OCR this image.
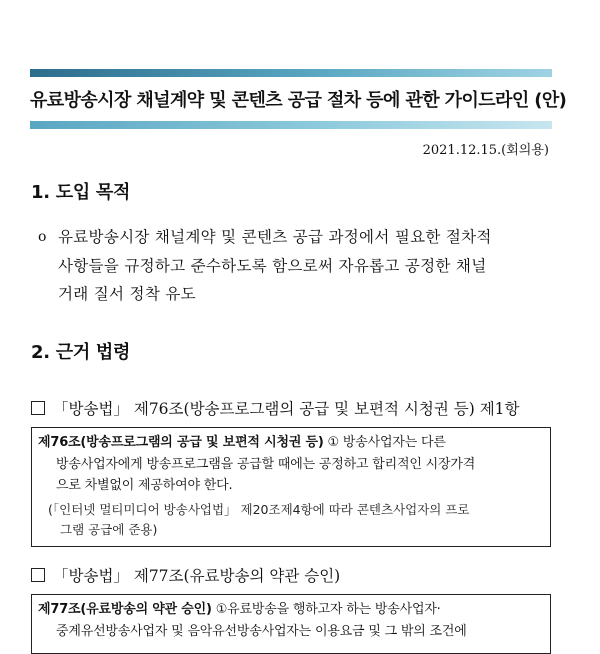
유료방송시장 채널계약 및 콘텐츠 공급 절차 등에 관한 가이드라인 (안)
2021.12.15.(회의용)
1. 도입 목적
o 유료방송시장 채널계약 및 콘텐츠 공급 과정에서 필요한 절차적
사항들을 규정하고 준수하도록 함으로써 자유롭고 공정한 채널
거래 질서 정착 유도
2. 근거 법령
「방송법」 제76조(방송프로그램의 공급 및 보편적 시청권 등) 제1항
제76조(방송프로그램의 공급 및 보편적 시청권 등) ① 방송사업자는 다른
방송사업자에게 방송프로그램을 공급할 때에는 공정하고 합리적인 시장가격
으로 차별없이 제공하여야 한다.
(「인터넷 멀티미디어 방송사업법」 제20조제4항에 따라 콘텐츠사업자의 프로
그램 공급에 준용)
「방송법」 제77조(유료방송의 약관 승인)
제77조(유료방송의 약관 승인) ①유료방송을 행하고자 하는 방송사업자·
중계유선방송사업자 및 음악유선방송사업자는 이용요금 및 그 밖의 조건에
